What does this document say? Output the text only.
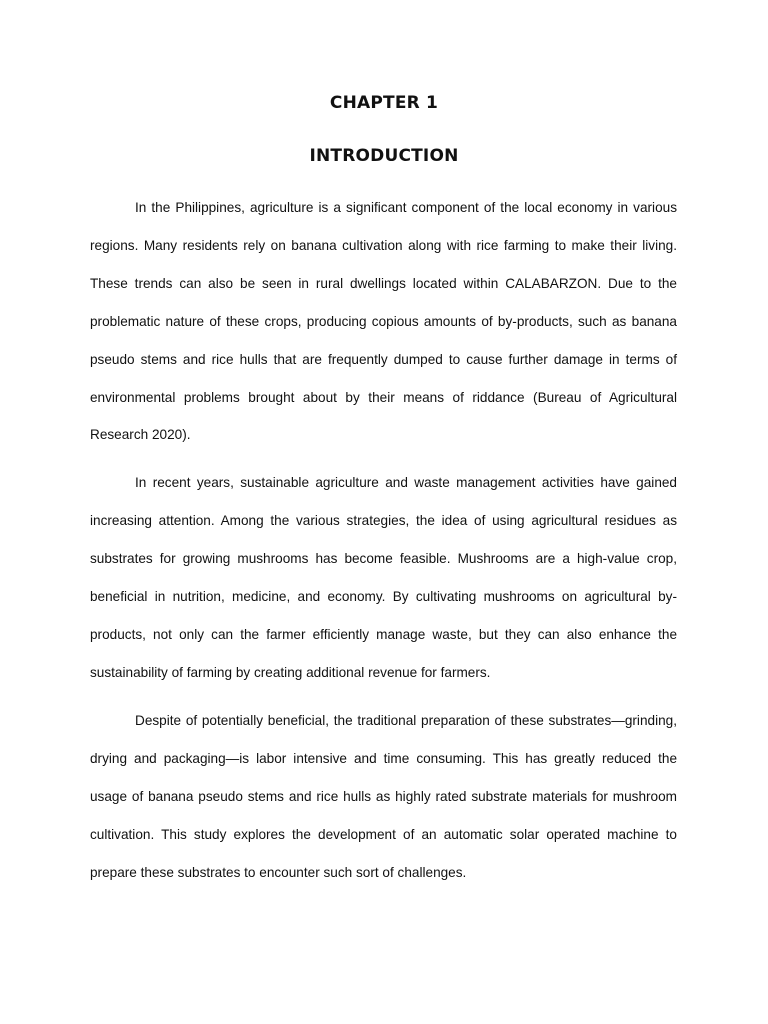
CHAPTER 1
INTRODUCTION

In the Philippines, agriculture is a significant component of the local economy in various regions. Many residents rely on banana cultivation along with rice farming to make their living. These trends can also be seen in rural dwellings located within CALABARZON. Due to the problematic nature of these crops, producing copious amounts of by-products, such as banana pseudo stems and rice hulls that are frequently dumped to cause further damage in terms of environmental problems brought about by their means of riddance (Bureau of Agricultural Research 2020).

In recent years, sustainable agriculture and waste management activities have gained increasing attention. Among the various strategies, the idea of using agricultural residues as substrates for growing mushrooms has become feasible. Mushrooms are a high-value crop, beneficial in nutrition, medicine, and economy. By cultivating mushrooms on agricultural by-products, not only can the farmer efficiently manage waste, but they can also enhance the sustainability of farming by creating additional revenue for farmers.

Despite of potentially beneficial, the traditional preparation of these substrates—grinding, drying and packaging—is labor intensive and time consuming. This has greatly reduced the usage of banana pseudo stems and rice hulls as highly rated substrate materials for mushroom cultivation. This study explores the development of an automatic solar operated machine to prepare these substrates to encounter such sort of challenges.
